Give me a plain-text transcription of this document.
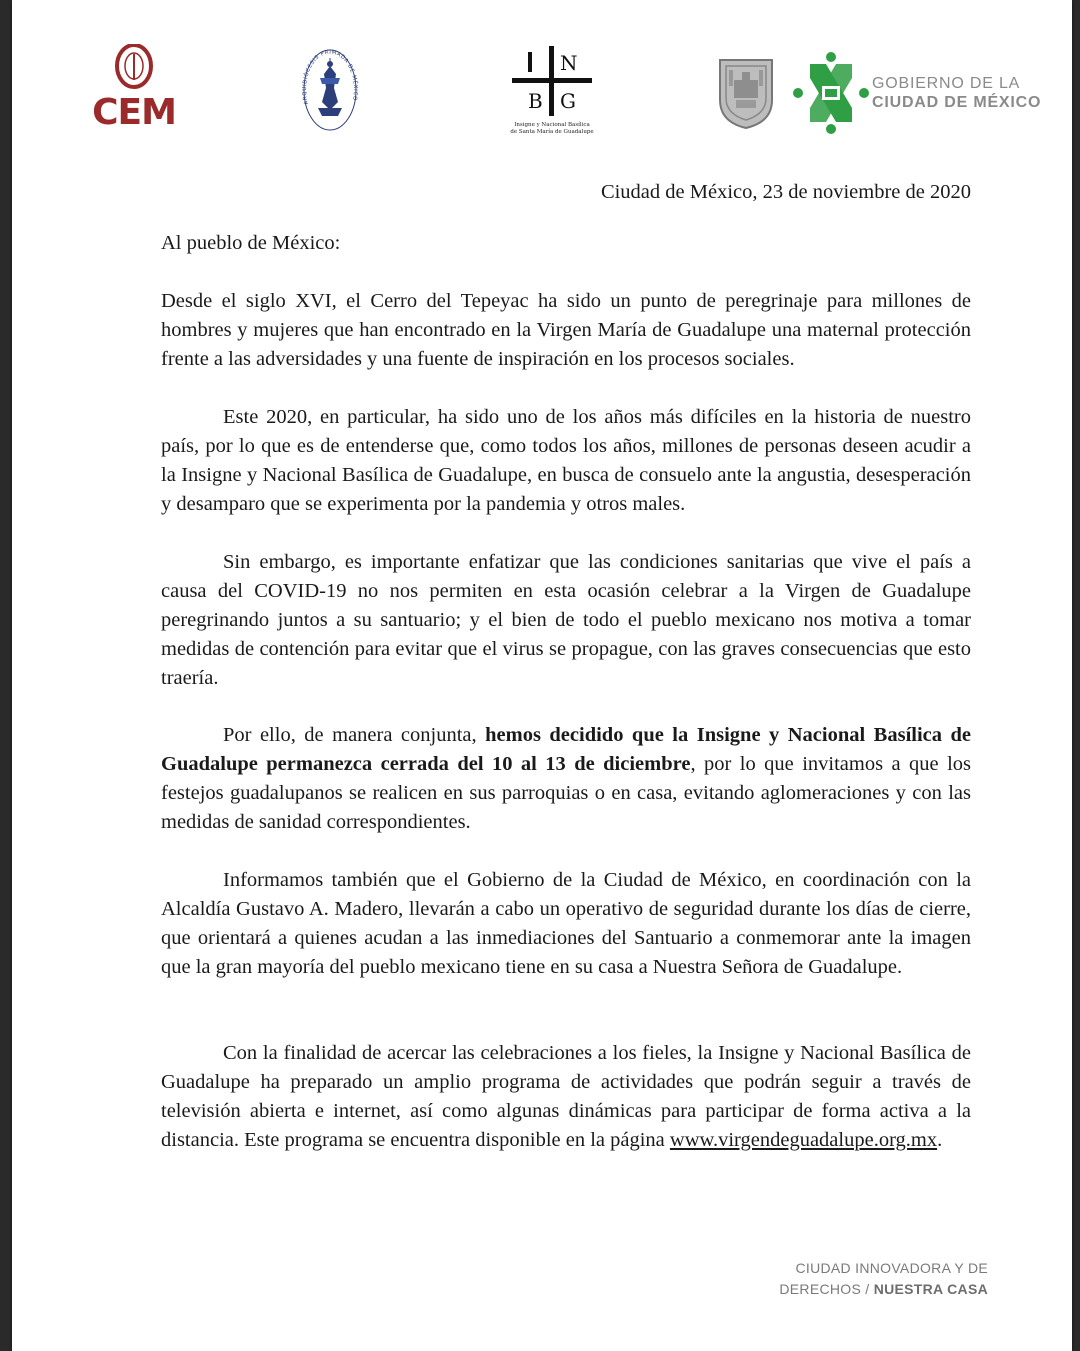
CEM	ARQUIDIÓCESIS PRIMADA DE MÉXICO
N
B G
Insigne y Nacional Basílica
de Santa María de Guadalupe
GOBIERNO DE LA
CIUDAD DE MÉXICO
Ciudad de México, 23 de noviembre de 2020
Al pueblo de México:
Desde el siglo XVI, el Cerro del Tepeyac ha sido un punto de peregrinaje para millones de hombres y mujeres que han encontrado en la Virgen María de Guadalupe una maternal protección frente a las adversidades y una fuente de inspiración en los procesos sociales.
Este 2020, en particular, ha sido uno de los años más difíciles en la historia de nuestro país, por lo que es de entenderse que, como todos los años, millones de personas deseen acudir a la Insigne y Nacional Basílica de Guadalupe, en busca de consuelo ante la angustia, desesperación y desamparo que se experimenta por la pandemia y otros males.
Sin embargo, es importante enfatizar que las condiciones sanitarias que vive el país a causa del COVID-19 no nos permiten en esta ocasión celebrar a la Virgen de Guadalupe peregrinando juntos a su santuario; y el bien de todo el pueblo mexicano nos motiva a tomar medidas de contención para evitar que el virus se propague, con las graves consecuencias que esto traería.
Por ello, de manera conjunta, hemos decidido que la Insigne y Nacional Basílica de Guadalupe permanezca cerrada del 10 al 13 de diciembre, por lo que invitamos a que los festejos guadalupanos se realicen en sus parroquias o en casa, evitando aglomeraciones y con las medidas de sanidad correspondientes.
Informamos también que el Gobierno de la Ciudad de México, en coordinación con la Alcaldía Gustavo A. Madero, llevarán a cabo un operativo de seguridad durante los días de cierre, que orientará a quienes acudan a las inmediaciones del Santuario a conmemorar ante la imagen que la gran mayoría del pueblo mexicano tiene en su casa a Nuestra Señora de Guadalupe.
Con la finalidad de acercar las celebraciones a los fieles, la Insigne y Nacional Basílica de Guadalupe ha preparado un amplio programa de actividades que podrán seguir a través de televisión abierta e internet, así como algunas dinámicas para participar de forma activa a la distancia. Este programa se encuentra disponible en la página www.virgendeguadalupe.org.mx.
CIUDAD INNOVADORA Y DE
DERECHOS / NUESTRA CASA
